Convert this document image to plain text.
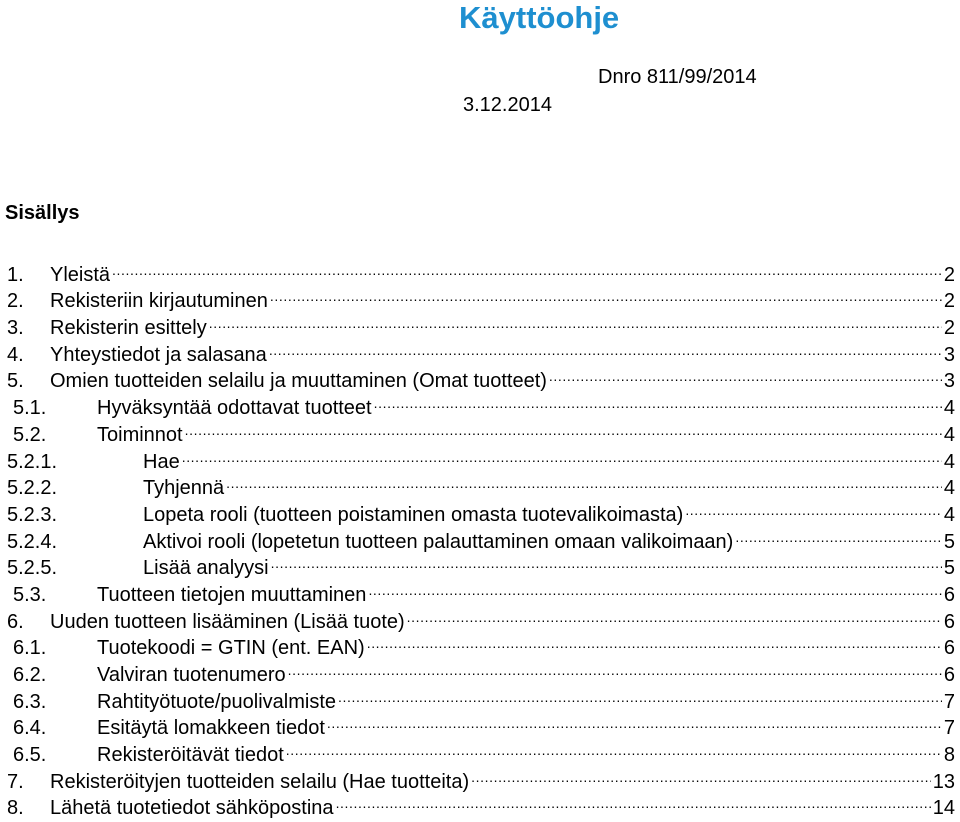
Käyttöohje
Dnro 811/99/2014
3.12.2014
Sisällys
1.	Yleistä .....	2
2.	Rekisteriin kirjautuminen .....	2
3.	Rekisterin esittely .....	2
4.	Yhteystiedot ja salasana .....	3
5.	Omien tuotteiden selailu ja muuttaminen (Omat tuotteet) .....	3
5.1.	Hyväksyntää odottavat tuotteet .....	4
5.2.	Toiminnot .....	4
5.2.1.	Hae .....	4
5.2.2.	Tyhjennä .....	4
5.2.3.	Lopeta rooli (tuotteen poistaminen omasta tuotevalikoimasta) .....	4
5.2.4.	Aktivoi rooli (lopetetun tuotteen palauttaminen omaan valikoimaan) .....	5
5.2.5.	Lisää analyysi .....	5
5.3.	Tuotteen tietojen muuttaminen .....	6
6.	Uuden tuotteen lisääminen (Lisää tuote) .....	6
6.1.	Tuotekoodi = GTIN (ent. EAN) .....	6
6.2.	Valviran tuotenumero .....	6
6.3.	Rahtityötuote/puolivalmiste .....	7
6.4.	Esitäytä lomakkeen tiedot .....	7
6.5.	Rekisteröitävät tiedot .....	8
7.	Rekisteröityjen tuotteiden selailu (Hae tuotteita) .....	13
8.	Lähetä tuotetiedot sähköpostina .....	14
